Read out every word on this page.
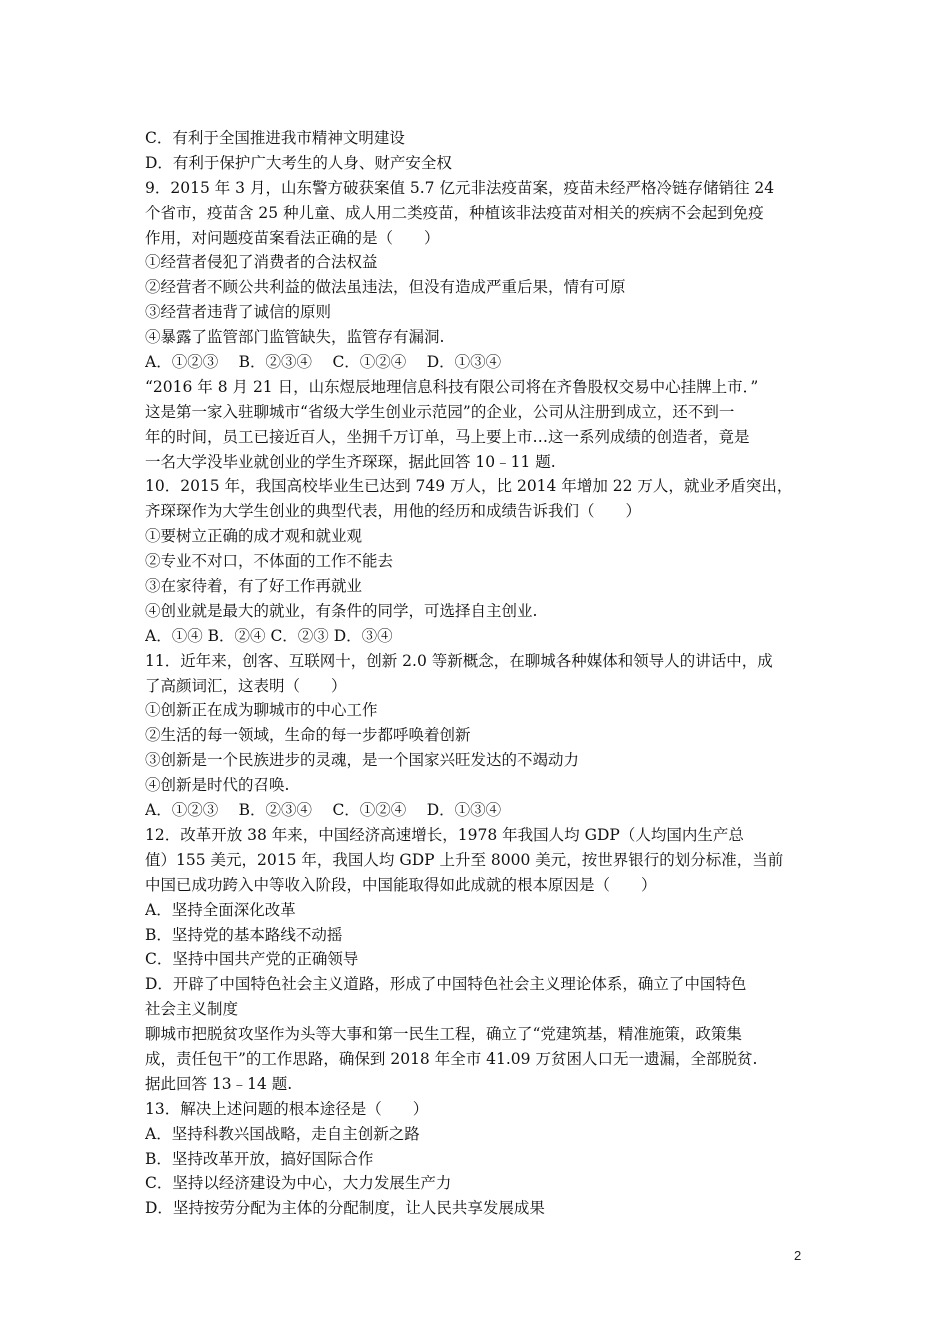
C．有利于全国推进我市精神文明建设
D．有利于保护广大考生的人身、财产安全权
9．2015 年 3 月，山东警方破获案值 5.7 亿元非法疫苗案，疫苗未经严格冷链存储销往 24
个省市，疫苗含 25 种儿童、成人用二类疫苗，种植该非法疫苗对相关的疾病不会起到免疫
作用，对问题疫苗案看法正确的是（　　）
①经营者侵犯了消费者的合法权益
②经营者不顾公共利益的做法虽违法，但没有造成严重后果，情有可原
③经营者违背了诚信的原则
④暴露了监管部门监管缺失，监管存有漏洞.
A．①②③　 B．②③④　 C．①②④　 D．①③④
“2016 年 8 月 21 日，山东煜辰地理信息科技有限公司将在齐鲁股权交易中心挂牌上市．”
这是第一家入驻聊城市“省级大学生创业示范园”的企业，公司从注册到成立，还不到一
年的时间，员工已接近百人，坐拥千万订单，马上要上市…这一系列成绩的创造者，竟是
一名大学没毕业就创业的学生齐琛琛，据此回答 10﹣11 题.
10．2015 年，我国高校毕业生已达到 749 万人，比 2014 年增加 22 万人，就业矛盾突出，
齐琛琛作为大学生创业的典型代表，用他的经历和成绩告诉我们（　　）
①要树立正确的成才观和就业观
②专业不对口，不体面的工作不能去
③在家待着，有了好工作再就业
④创业就是最大的就业，有条件的同学，可选择自主创业.
A．①④ B．②④ C．②③ D．③④
11．近年来，创客、互联网十，创新 2.0 等新概念，在聊城各种媒体和领导人的讲话中，成
了高颜词汇，这表明（　　）
①创新正在成为聊城市的中心工作
②生活的每一领域，生命的每一步都呼唤着创新
③创新是一个民族进步的灵魂，是一个国家兴旺发达的不竭动力
④创新是时代的召唤.
A．①②③　 B．②③④　 C．①②④　 D．①③④
12．改革开放 38 年来，中国经济高速增长，1978 年我国人均 GDP（人均国内生产总
值）155 美元，2015 年，我国人均 GDP 上升至 8000 美元，按世界银行的划分标准，当前
中国已成功跨入中等收入阶段，中国能取得如此成就的根本原因是（　　）
A．坚持全面深化改革
B．坚持党的基本路线不动摇
C．坚持中国共产党的正确领导
D．开辟了中国特色社会主义道路，形成了中国特色社会主义理论体系，确立了中国特色
社会主义制度
聊城市把脱贫攻坚作为头等大事和第一民生工程，确立了“党建筑基，精准施策，政策集
成，责任包干”的工作思路，确保到 2018 年全市 41.09 万贫困人口无一遗漏，全部脱贫.
据此回答 13﹣14 题.
13．解决上述问题的根本途径是（　　）
A．坚持科教兴国战略，走自主创新之路
B．坚持改革开放，搞好国际合作
C．坚持以经济建设为中心，大力发展生产力
D．坚持按劳分配为主体的分配制度，让人民共享发展成果
2
